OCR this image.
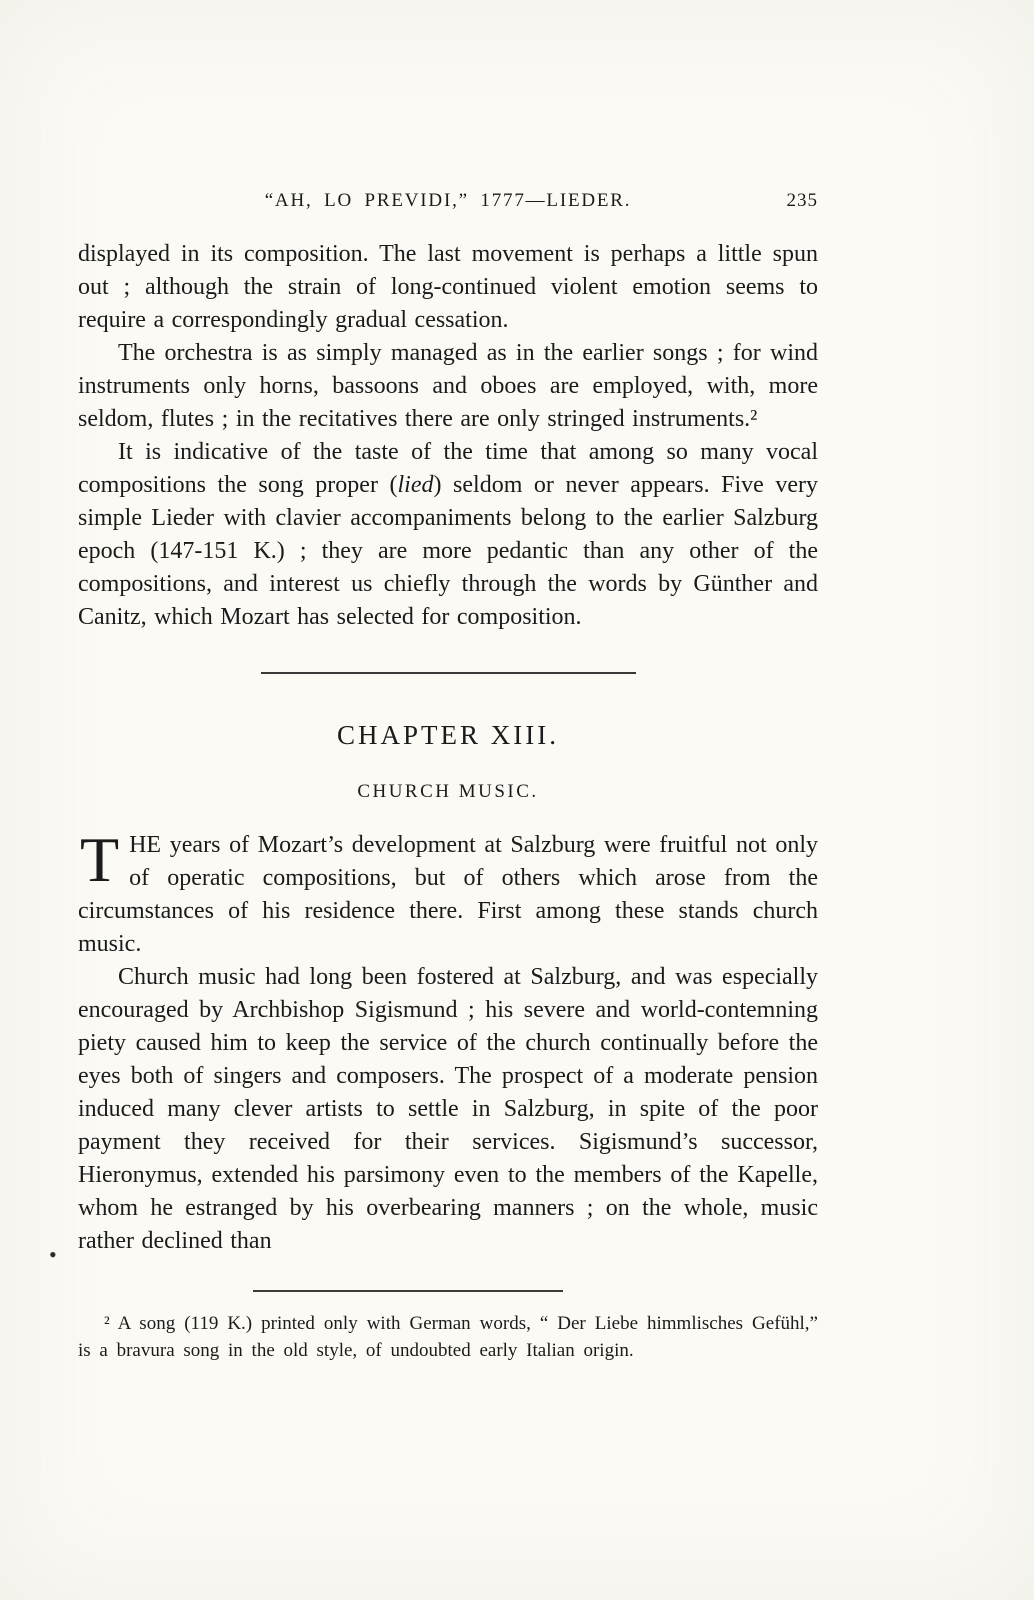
•
“AH, LO PREVIDI,” 1777—LIEDER.	235

displayed in its composition. The last movement is perhaps a little spun out ; although the strain of long-continued violent emotion seems to require a correspondingly gradual cessation.

The orchestra is as simply managed as in the earlier songs ; for wind instruments only horns, bassoons and oboes are employed, with, more seldom, flutes ; in the recitatives there are only stringed instruments.²

It is indicative of the taste of the time that among so many vocal compositions the song proper (lied) seldom or never appears. Five very simple Lieder with clavier accompaniments belong to the earlier Salzburg epoch (147-151 K.) ; they are more pedantic than any other of the compositions, and interest us chiefly through the words by Günther and Canitz, which Mozart has selected for composition.

CHAPTER XIII.
CHURCH MUSIC.

THE years of Mozart’s development at Salzburg were fruitful not only of operatic compositions, but of others which arose from the circumstances of his residence there. First among these stands church music.

Church music had long been fostered at Salzburg, and was especially encouraged by Archbishop Sigismund ; his severe and world-contemning piety caused him to keep the service of the church continually before the eyes both of singers and composers. The prospect of a moderate pension induced many clever artists to settle in Salzburg, in spite of the poor payment they received for their services. Sigismund’s successor, Hieronymus, extended his parsimony even to the members of the Kapelle, whom he estranged by his overbearing manners ; on the whole, music rather declined than

² A song (119 K.) printed only with German words, “ Der Liebe himmlisches Gefühl,” is a bravura song in the old style, of undoubted early Italian origin.
